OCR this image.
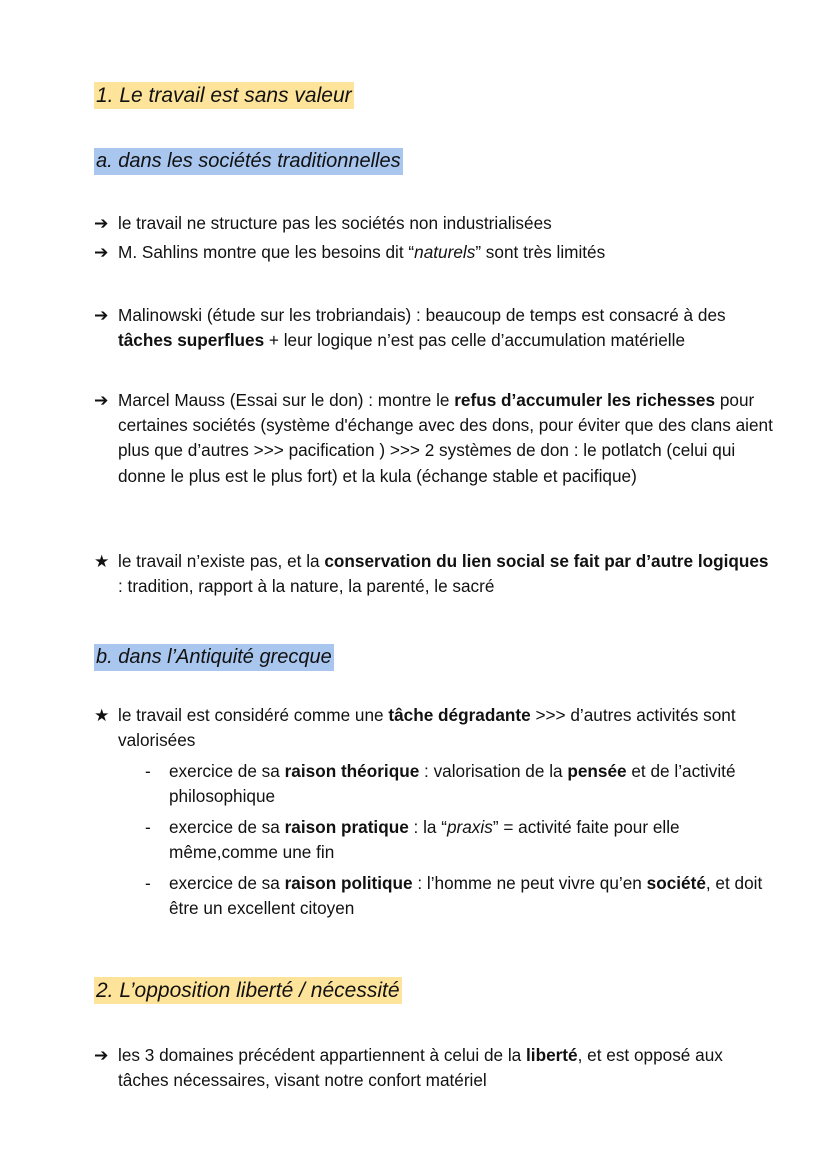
1. Le travail est sans valeur
a. dans les sociétés traditionnelles
➔ le travail ne structure pas les sociétés non industrialisées
➔ M. Sahlins montre que les besoins dit “naturels” sont très limités
➔ Malinowski (étude sur les trobriandais) : beaucoup de temps est consacré à des tâches superflues + leur logique n’est pas celle d’accumulation matérielle
➔ Marcel Mauss (Essai sur le don) : montre le refus d’accumuler les richesses pour certaines sociétés (système d'échange avec des dons, pour éviter que des clans aient plus que d’autres >>> pacification ) >>> 2 systèmes de don : le potlatch (celui qui donne le plus est le plus fort) et la kula (échange stable et pacifique)
★ le travail n’existe pas, et la conservation du lien social se fait par d’autre logiques : tradition, rapport à la nature, la parenté, le sacré
b. dans l’Antiquité grecque
★ le travail est considéré comme une tâche dégradante >>> d’autres activités sont valorisées
- exercice de sa raison théorique : valorisation de la pensée et de l’activité philosophique
- exercice de sa raison pratique : la “praxis” = activité faite pour elle même,comme une fin
- exercice de sa raison politique : l’homme ne peut vivre qu’en société, et doit être un excellent citoyen
2. L’opposition liberté / nécessité
➔ les 3 domaines précédent appartiennent à celui de la liberté, et est opposé aux tâches nécessaires, visant notre confort matériel
